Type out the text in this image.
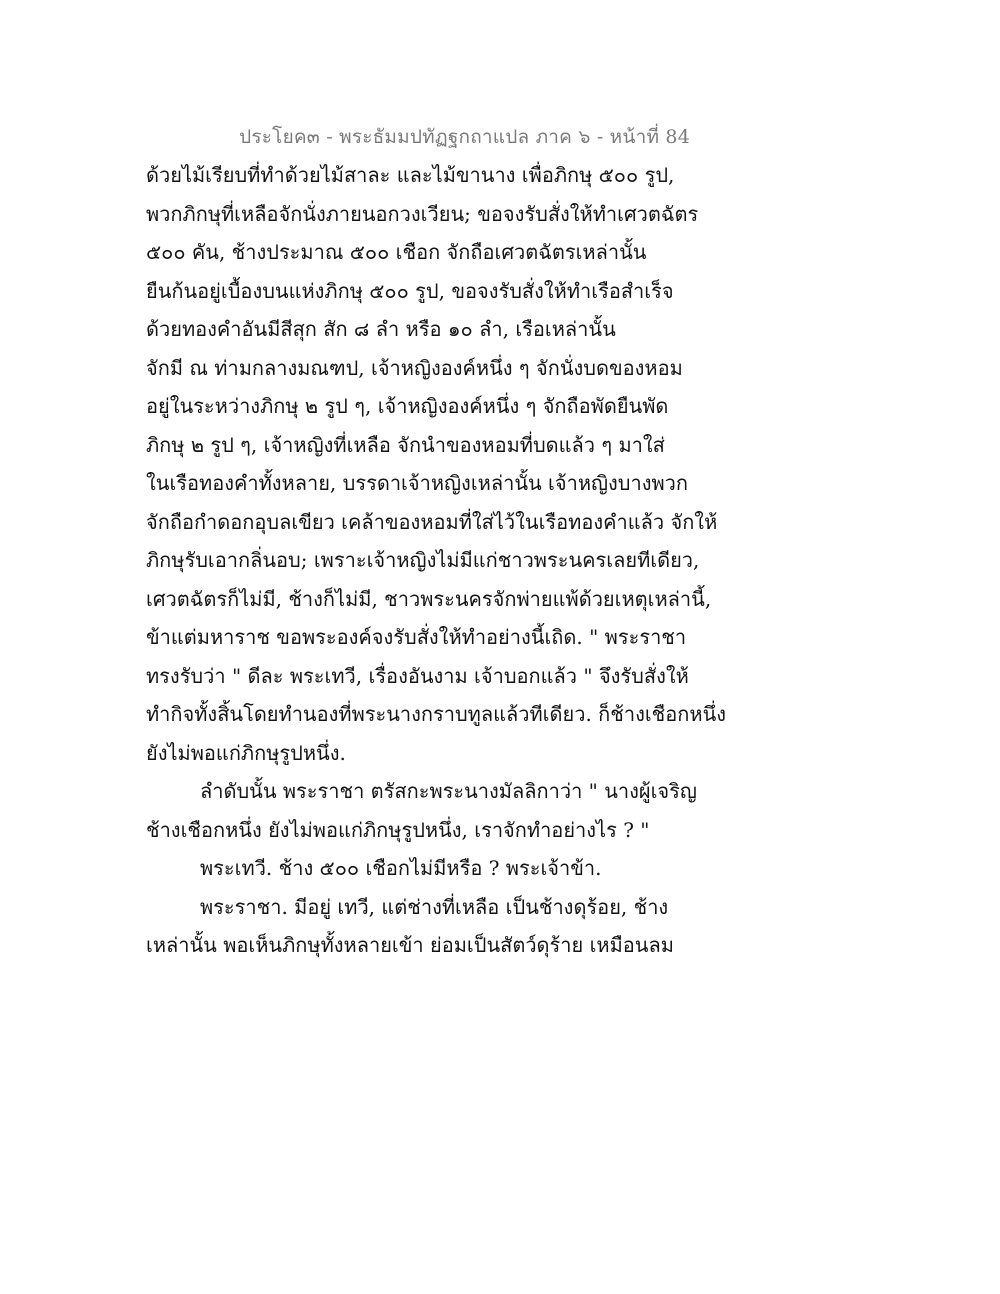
ประโยค๓ - พระธัมมปทัฏฐกถาแปล ภาค ๖ - หน้าที่ 84
ด้วยไม้เรียบที่ทำด้วยไม้สาละ และไม้ขานาง เพื่อภิกษุ ๕๐๐ รูป,
พวกภิกษุที่เหลือจักนั่งภายนอกวงเวียน; ขอจงรับสั่งให้ทำเศวตฉัตร
๕๐๐ คัน, ช้างประมาณ ๕๐๐ เชือก จักถือเศวตฉัตรเหล่านั้น
ยืนก้นอยู่เบื้องบนแห่งภิกษุ ๕๐๐ รูป, ขอจงรับสั่งให้ทำเรือสำเร็จ
ด้วยทองคำอันมีสีสุก สัก ๘ ลำ หรือ ๑๐ ลำ, เรือเหล่านั้น
จักมี ณ ท่ามกลางมณฑป, เจ้าหญิงองค์หนึ่ง ๆ จักนั่งบดของหอม
อยู่ในระหว่างภิกษุ ๒ รูป ๆ, เจ้าหญิงองค์หนึ่ง ๆ จักถือพัดยืนพัด
ภิกษุ ๒ รูป ๆ, เจ้าหญิงที่เหลือ จักนำของหอมที่บดแล้ว ๆ มาใส่
ในเรือทองคำทั้งหลาย, บรรดาเจ้าหญิงเหล่านั้น เจ้าหญิงบางพวก
จักถือกำดอกอุบลเขียว เคล้าของหอมที่ใส่ไว้ในเรือทองคำแล้ว จักให้
ภิกษุรับเอากลิ่นอบ; เพราะเจ้าหญิงไม่มีแก่ชาวพระนครเลยทีเดียว,
เศวตฉัตรก็ไม่มี, ช้างก็ไม่มี, ชาวพระนครจักพ่ายแพ้ด้วยเหตุเหล่านี้,
ข้าแต่มหาราช ขอพระองค์จงรับสั่งให้ทำอย่างนี้เถิด. " พระราชา
ทรงรับว่า " ดีละ พระเทวี, เรื่องอันงาม เจ้าบอกแล้ว " จึงรับสั่งให้
ทำกิจทั้งสิ้นโดยทำนองที่พระนางกราบทูลแล้วทีเดียว. ก็ช้างเชือกหนึ่ง
ยังไม่พอแก่ภิกษุรูปหนึ่ง.
ลำดับนั้น พระราชา ตรัสกะพระนางมัลลิกาว่า " นางผู้เจริญ
ช้างเชือกหนึ่ง ยังไม่พอแก่ภิกษุรูปหนึ่ง, เราจักทำอย่างไร ? "
พระเทวี. ช้าง ๕๐๐ เชือกไม่มีหรือ ? พระเจ้าข้า.
พระราชา. มีอยู่ เทวี, แต่ช่างที่เหลือ เป็นช้างดุร้อย, ช้าง
เหล่านั้น พอเห็นภิกษุทั้งหลายเข้า ย่อมเป็นสัตว์ดุร้าย เหมือนลม
